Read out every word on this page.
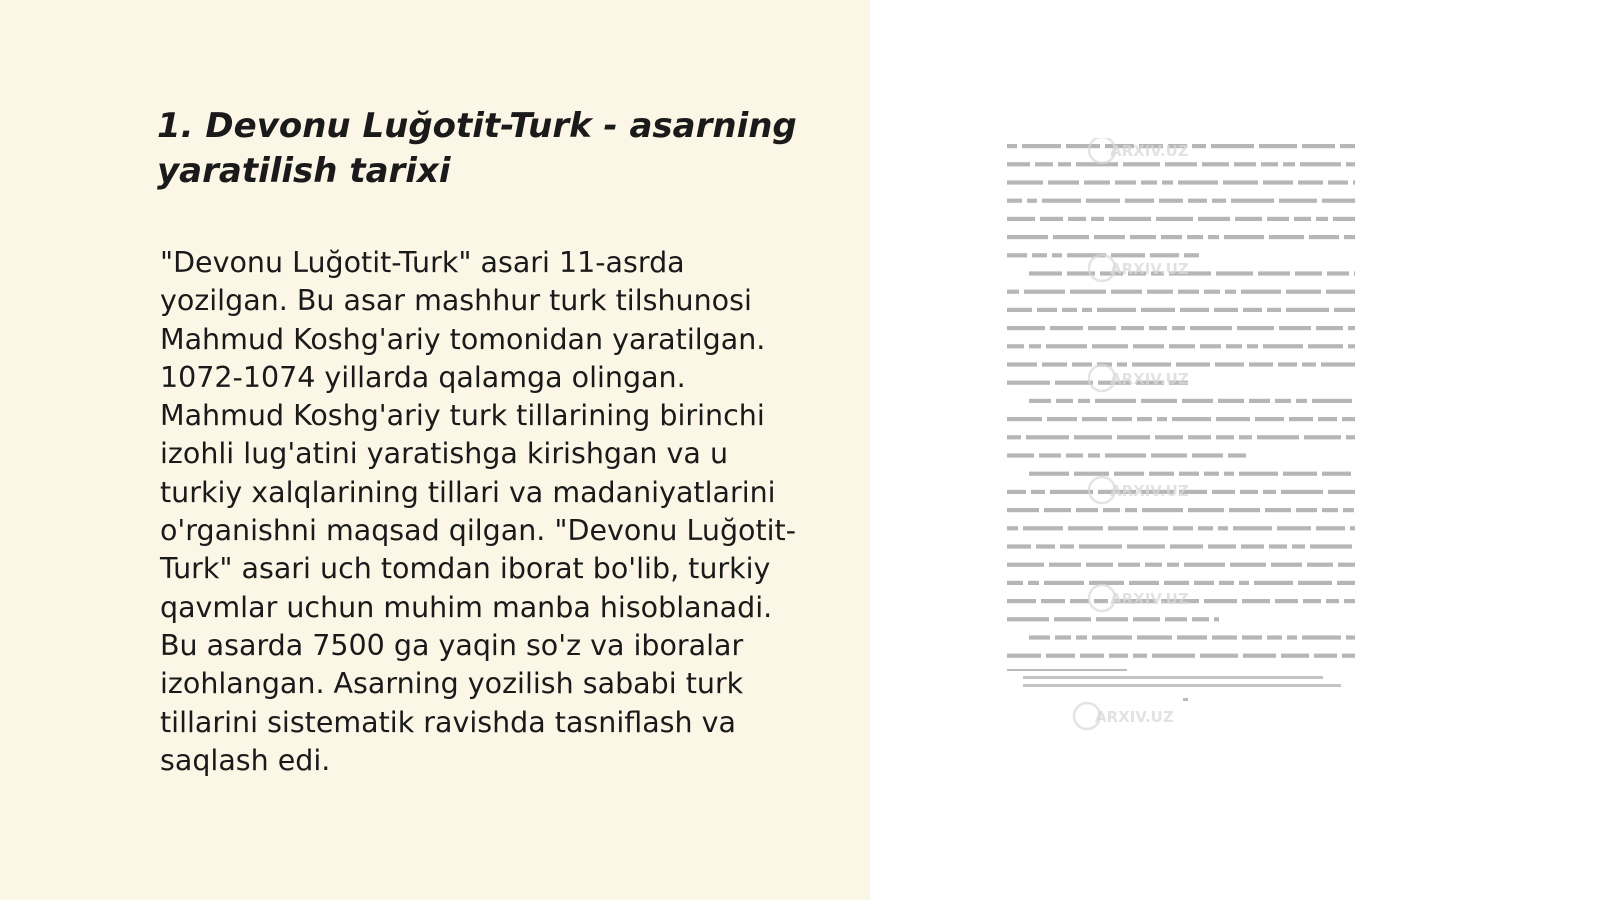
1. Devonu Luğotit-Turk - asarning
yaratilish tarixi

"Devonu Luğotit-Turk" asari 11-asrda
yozilgan. Bu asar mashhur turk tilshunosi
Mahmud Koshg'ariy tomonidan yaratilgan.
1072-1074 yillarda qalamga olingan.
Mahmud Koshg'ariy turk tillarining birinchi
izohli lug'atini yaratishga kirishgan va u
turkiy xalqlarining tillari va madaniyatlarini
o'rganishni maqsad qilgan. "Devonu Luğotit-
Turk" asari uch tomdan iborat bo'lib, turkiy
qavmlar uchun muhim manba hisoblanadi.
Bu asarda 7500 ga yaqin so'z va iboralar
izohlangan. Asarning yozilish sababi turk
tillarini sistematik ravishda tasniflash va
saqlash edi.

ARXIV.UZ
ARXIV.UZ
ARXIV.UZ
ARXIV.UZ
ARXIV.UZ
ARXIV.UZ
